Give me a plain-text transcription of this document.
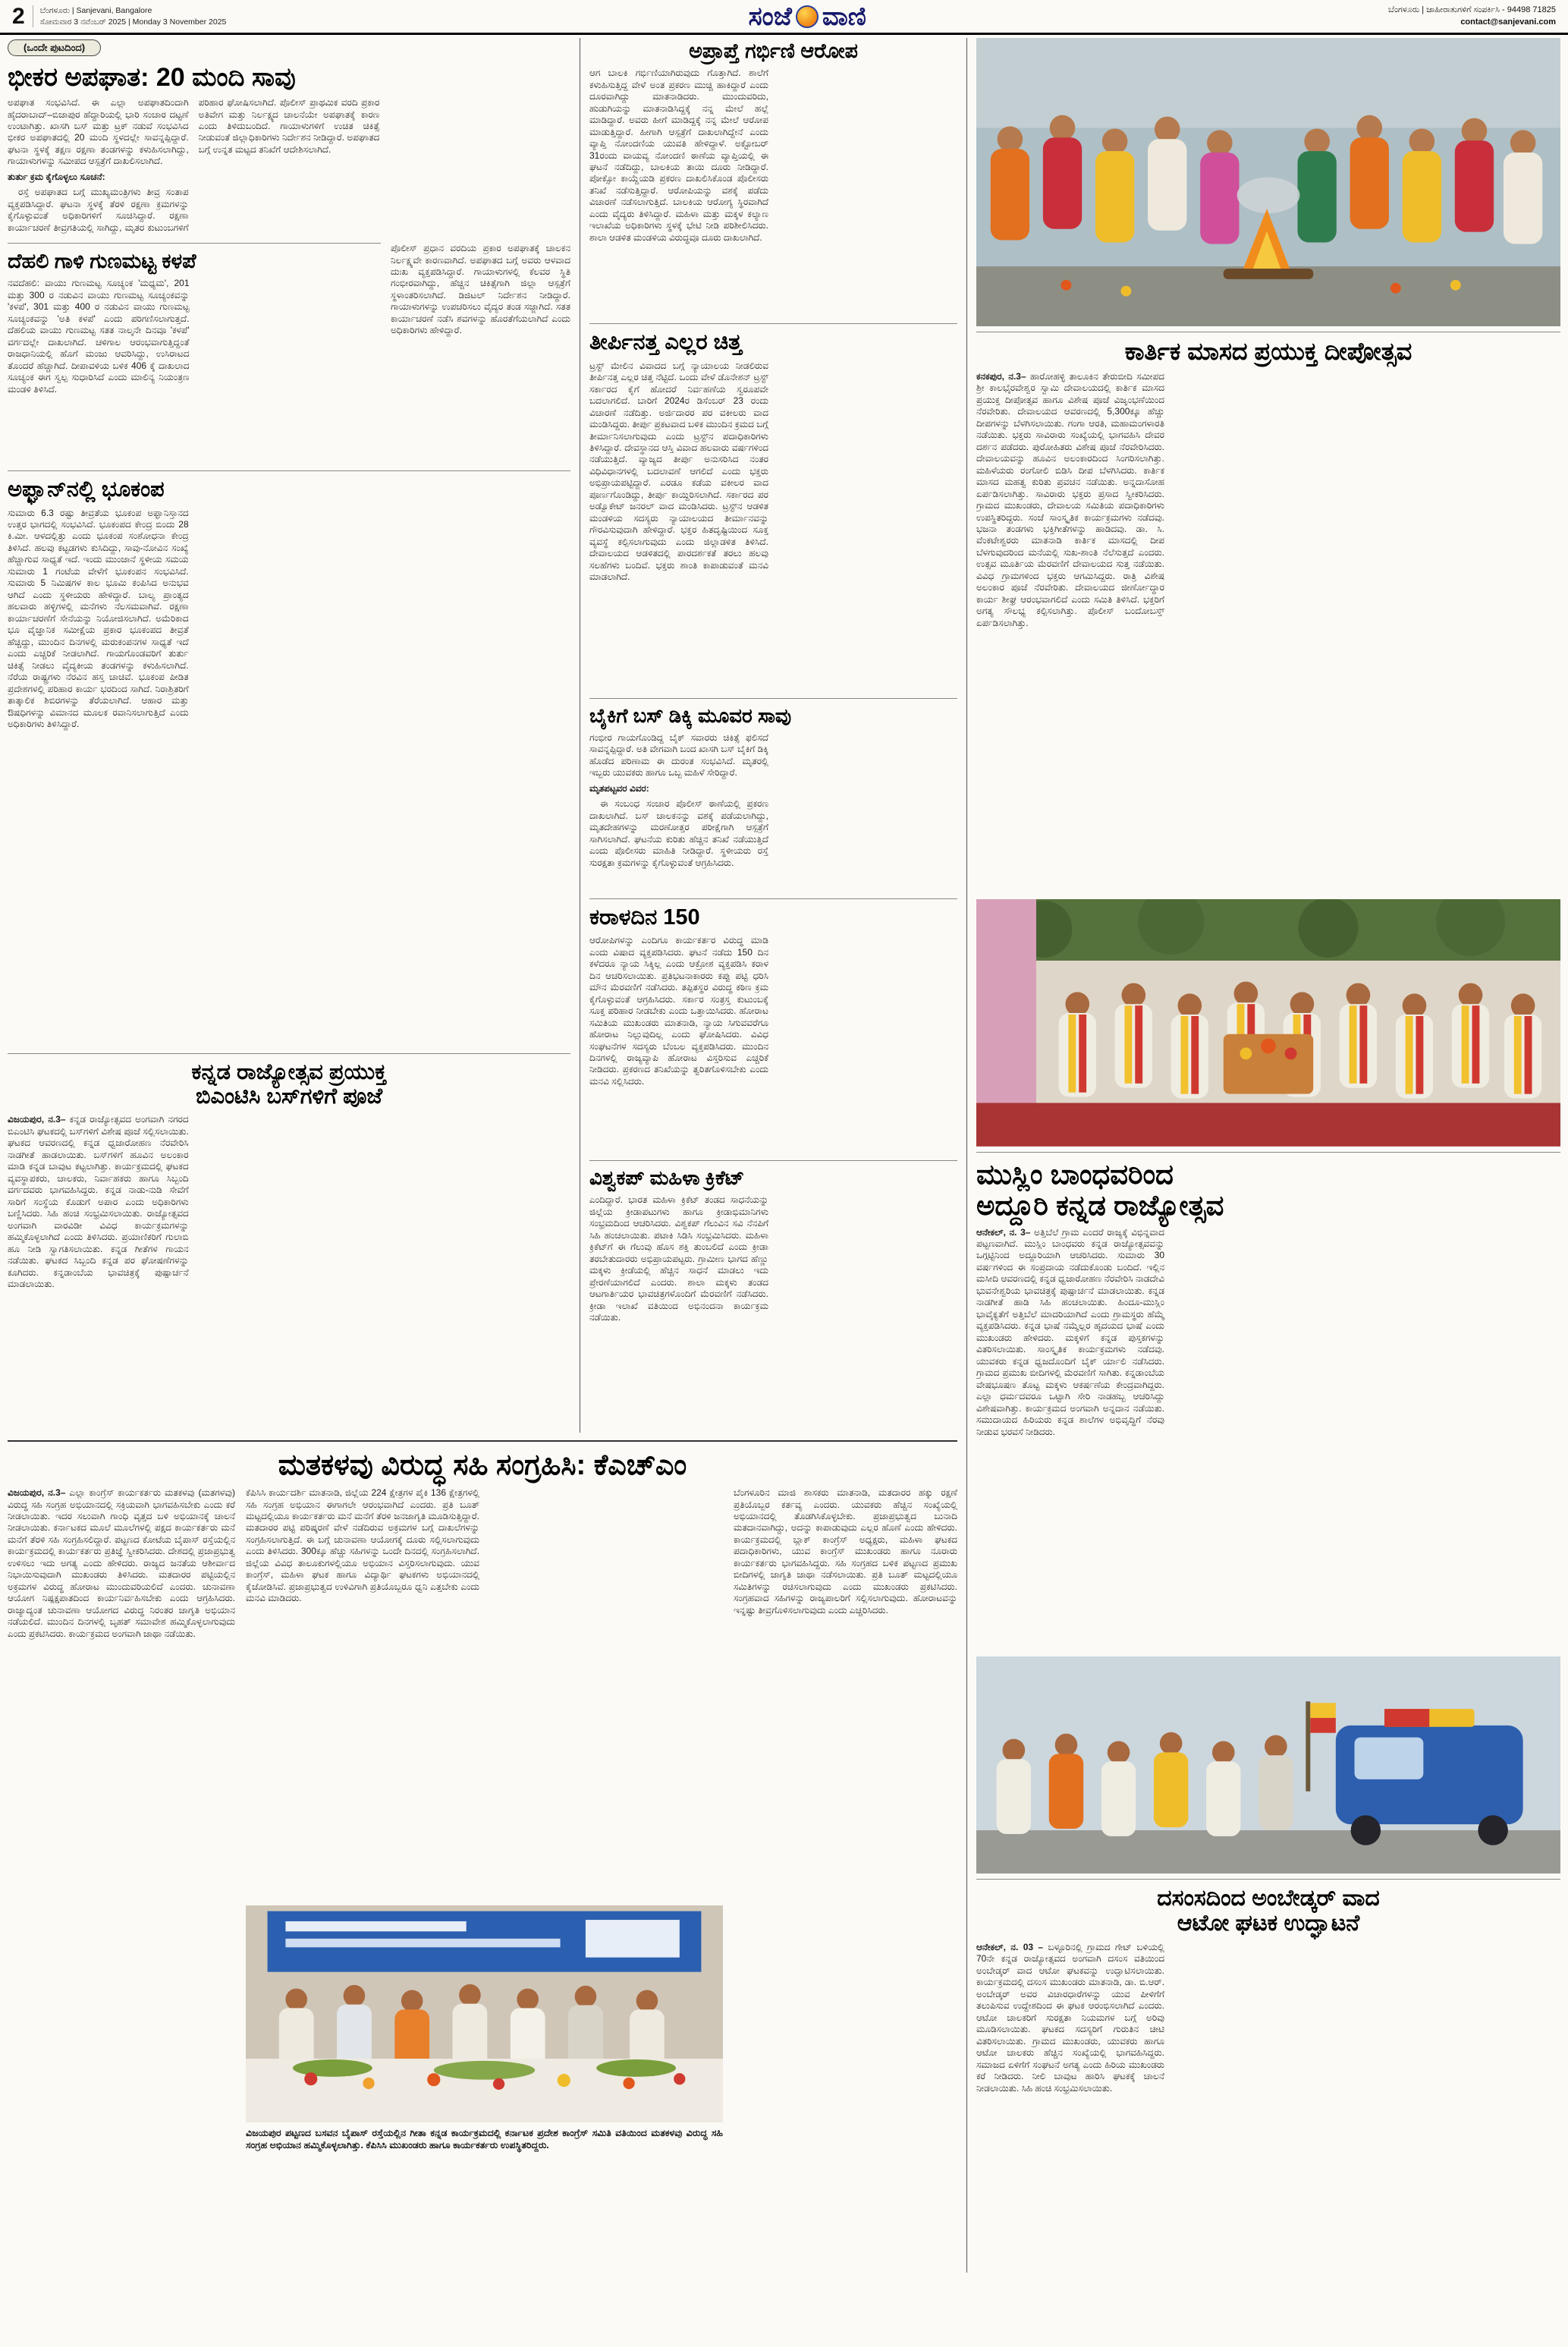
2 ಬೆಂಗಳೂರು | Sanjevani, Bangalore
ಸೋಮವಾರ 3 ನವೆಂಬರ್ 2025 | Monday 3 November 2025	ಸಂಜೆ ವಾಣಿ	ಬೆಂಗಳೂರು | ಜಾಹೀರಾತುಗಳಿಗೆ ಸಂಪರ್ಕಿಸಿ - 94498 71825
contact@sanjevani.com
(ಒಂದೇ ಪುಟದಿಂದ)
ಭೀಕರ ಅಪಘಾತ: 20 ಮಂದಿ ಸಾವು

ಅಪಘಾತ ಸಂಭವಿಸಿದೆ. ಈ ಎಲ್ಲಾ ಅಪಘಾತದಿಂದಾಗಿ ಹೈದರಾಬಾದ್–ಬಿಜಾಪುರ ಹೆದ್ದಾರಿಯಲ್ಲಿ ಭಾರಿ ಸಂಚಾರ ದಟ್ಟಣೆ ಉಂಟಾಗಿತ್ತು. ಖಾಸಗಿ ಬಸ್ ಮತ್ತು ಟ್ರಕ್ ನಡುವೆ ಸಂಭವಿಸಿದ ಭೀಕರ ಅಪಘಾತದಲ್ಲಿ 20 ಮಂದಿ ಸ್ಥಳದಲ್ಲೇ ಸಾವನ್ನಪ್ಪಿದ್ದಾರೆ. ಘಟನಾ ಸ್ಥಳಕ್ಕೆ ತಕ್ಷಣ ರಕ್ಷಣಾ ತಂಡಗಳನ್ನು ಕಳುಹಿಸಲಾಗಿದ್ದು, ಗಾಯಾಳುಗಳನ್ನು ಸಮೀಪದ ಆಸ್ಪತ್ರೆಗೆ ದಾಖಲಿಸಲಾಗಿದೆ.

ತುರ್ತು ಕ್ರಮ ಕೈಗೊಳ್ಳಲು ಸೂಚನೆ:

ರಸ್ತೆ ಅಪಘಾತದ ಬಗ್ಗೆ ಮುಖ್ಯಮಂತ್ರಿಗಳು ತೀವ್ರ ಸಂತಾಪ ವ್ಯಕ್ತಪಡಿಸಿದ್ದಾರೆ. ಘಟನಾ ಸ್ಥಳಕ್ಕೆ ತೆರಳಿ ರಕ್ಷಣಾ ಕ್ರಮಗಳನ್ನು ಕೈಗೊಳ್ಳುವಂತೆ ಅಧಿಕಾರಿಗಳಿಗೆ ಸೂಚಿಸಿದ್ದಾರೆ. ರಕ್ಷಣಾ ಕಾರ್ಯಾಚರಣೆ ತೀವ್ರಗತಿಯಲ್ಲಿ ಸಾಗಿದ್ದು, ಮೃತರ ಕುಟುಂಬಗಳಿಗೆ ಪರಿಹಾರ ಘೋಷಿಸಲಾಗಿದೆ. ಪೊಲೀಸ್ ಪ್ರಾಥಮಿಕ ವರದಿ ಪ್ರಕಾರ ಅತಿವೇಗ ಮತ್ತು ನಿರ್ಲಕ್ಷ್ಯದ ಚಾಲನೆಯೇ ಅಪಘಾತಕ್ಕೆ ಕಾರಣ ಎಂದು ತಿಳಿದುಬಂದಿದೆ. ಗಾಯಾಳುಗಳಿಗೆ ಉಚಿತ ಚಿಕಿತ್ಸೆ ನೀಡುವಂತೆ ಜಿಲ್ಲಾಧಿಕಾರಿಗಳು ನಿರ್ದೇಶನ ನೀಡಿದ್ದಾರೆ. ಅಪಘಾತದ ಬಗ್ಗೆ ಉನ್ನತ ಮಟ್ಟದ ತನಿಖೆಗೆ ಆದೇಶಿಸಲಾಗಿದೆ.

ದೆಹಲಿ ಗಾಳಿ ಗುಣಮಟ್ಟ ಕಳಪೆ

ನವದೆಹಲಿ: ವಾಯು ಗುಣಮಟ್ಟ ಸೂಚ್ಯಂಕ 'ಮಧ್ಯಮ', 201 ಮತ್ತು 300 ರ ನಡುವಿನ ವಾಯು ಗುಣಮಟ್ಟ ಸೂಚ್ಯಂಕವನ್ನು 'ಕಳಪೆ', 301 ಮತ್ತು 400 ರ ನಡುವಿನ ವಾಯು ಗುಣಮಟ್ಟ ಸೂಚ್ಯಂಕವನ್ನು 'ಅತಿ ಕಳಪೆ' ಎಂದು ಪರಿಗಣಿಸಲಾಗುತ್ತದೆ. ದೆಹಲಿಯ ವಾಯು ಗುಣಮಟ್ಟ ಸತತ ನಾಲ್ಕನೇ ದಿನವೂ 'ಕಳಪೆ' ವರ್ಗದಲ್ಲೇ ದಾಖಲಾಗಿದೆ. ಚಳಿಗಾಲ ಆರಂಭವಾಗುತ್ತಿದ್ದಂತೆ ರಾಜಧಾನಿಯಲ್ಲಿ ಹೊಗೆ ಮಂಜು ಆವರಿಸಿದ್ದು, ಉಸಿರಾಟದ ತೊಂದರೆ ಹೆಚ್ಚಾಗಿದೆ. ದೀಪಾವಳಿಯ ಬಳಿಕ 406 ಕ್ಕೆ ದಾಖಲಾದ ಸೂಚ್ಯಂಕ ಈಗ ಸ್ವಲ್ಪ ಸುಧಾರಿಸಿದೆ ಎಂದು ಮಾಲಿನ್ಯ ನಿಯಂತ್ರಣ ಮಂಡಳಿ ತಿಳಿಸಿದೆ.

ಪೊಲೀಸ್ ಪ್ರಧಾನ ವರದಿಯ ಪ್ರಕಾರ ಅಪಘಾತಕ್ಕೆ ಚಾಲಕನ ನಿರ್ಲಕ್ಷ್ಯವೇ ಕಾರಣವಾಗಿದೆ. ಅಪಘಾತದ ಬಗ್ಗೆ ಅವರು ಆಳವಾದ ದುಃಖ ವ್ಯಕ್ತಪಡಿಸಿದ್ದಾರೆ. ಗಾಯಾಳುಗಳಲ್ಲಿ ಕೆಲವರ ಸ್ಥಿತಿ ಗಂಭೀರವಾಗಿದ್ದು, ಹೆಚ್ಚಿನ ಚಿಕಿತ್ಸೆಗಾಗಿ ಜಿಲ್ಲಾ ಆಸ್ಪತ್ರೆಗೆ ಸ್ಥಳಾಂತರಿಸಲಾಗಿದೆ. ಡಿಜಿಟಲ್ ನಿರ್ದೇಶನ ನೀಡಿದ್ದಾರೆ. ಗಾಯಾಳುಗಳನ್ನು ಉಪಚರಿಸಲು ವೈದ್ಯರ ತಂಡ ಸಜ್ಜಾಗಿದೆ. ಸತತ ಕಾರ್ಯಾಚರಣೆ ನಡೆಸಿ ಶವಗಳನ್ನು ಹೊರತೆಗೆಯಲಾಗಿದೆ ಎಂದು ಅಧಿಕಾರಿಗಳು ಹೇಳಿದ್ದಾರೆ.

ಅಫ್ಘಾನ್‌ನಲ್ಲಿ ಭೂಕಂಪ

ಸುಮಾರು 6.3 ರಷ್ಟು ತೀವ್ರತೆಯ ಭೂಕಂಪ ಅಫ್ಘಾನಿಸ್ತಾನದ ಉತ್ತರ ಭಾಗದಲ್ಲಿ ಸಂಭವಿಸಿದೆ. ಭೂಕಂಪದ ಕೇಂದ್ರ ಬಿಂದು 28 ಕಿ.ಮೀ. ಆಳದಲ್ಲಿತ್ತು ಎಂದು ಭೂಕಂಪ ಸಂಶೋಧನಾ ಕೇಂದ್ರ ತಿಳಿಸಿದೆ. ಹಲವು ಕಟ್ಟಡಗಳು ಕುಸಿದಿದ್ದು, ಸಾವು-ನೋವಿನ ಸಂಖ್ಯೆ ಹೆಚ್ಚಾಗುವ ಸಾಧ್ಯತೆ ಇದೆ. ಇಂದು ಮುಂಜಾನೆ ಸ್ಥಳೀಯ ಸಮಯ ಸುಮಾರು 1 ಗಂಟೆಯ ವೇಳೆಗೆ ಭೂಕಂಪನ ಸಂಭವಿಸಿದೆ. ಸುಮಾರು 5 ನಿಮಿಷಗಳ ಕಾಲ ಭೂಮಿ ಕಂಪಿಸಿದ ಅನುಭವ ಆಗಿದೆ ಎಂದು ಸ್ಥಳೀಯರು ಹೇಳಿದ್ದಾರೆ. ಬಾಲ್ಯ ಪ್ರಾಂತ್ಯದ ಹಲವಾರು ಹಳ್ಳಿಗಳಲ್ಲಿ ಮನೆಗಳು ನೆಲಸಮವಾಗಿವೆ. ರಕ್ಷಣಾ ಕಾರ್ಯಾಚರಣೆಗೆ ಸೇನೆಯನ್ನು ನಿಯೋಜಿಸಲಾಗಿದೆ. ಅಮೆರಿಕಾದ ಭೂ ವೈಜ್ಞಾನಿಕ ಸಮೀಕ್ಷೆಯ ಪ್ರಕಾರ ಭೂಕಂಪದ ತೀವ್ರತೆ ಹೆಚ್ಚಿದ್ದು, ಮುಂದಿನ ದಿನಗಳಲ್ಲಿ ಮರುಕಂಪನಗಳ ಸಾಧ್ಯತೆ ಇದೆ ಎಂದು ಎಚ್ಚರಿಕೆ ನೀಡಲಾಗಿದೆ. ಗಾಯಗೊಂಡವರಿಗೆ ತುರ್ತು ಚಿಕಿತ್ಸೆ ನೀಡಲು ವೈದ್ಯಕೀಯ ತಂಡಗಳನ್ನು ಕಳುಹಿಸಲಾಗಿದೆ. ನೆರೆಯ ರಾಷ್ಟ್ರಗಳು ನೆರವಿನ ಹಸ್ತ ಚಾಚಿವೆ. ಭೂಕಂಪ ಪೀಡಿತ ಪ್ರದೇಶಗಳಲ್ಲಿ ಪರಿಹಾರ ಕಾರ್ಯ ಭರದಿಂದ ಸಾಗಿದೆ. ನಿರಾಶ್ರಿತರಿಗೆ ತಾತ್ಕಾಲಿಕ ಶಿಬಿರಗಳನ್ನು ತೆರೆಯಲಾಗಿದೆ. ಆಹಾರ ಮತ್ತು ಔಷಧಿಗಳನ್ನು ವಿಮಾನದ ಮೂಲಕ ರವಾನಿಸಲಾಗುತ್ತಿದೆ ಎಂದು ಅಧಿಕಾರಿಗಳು ತಿಳಿಸಿದ್ದಾರೆ.

ಕನ್ನಡ ರಾಜ್ಯೋತ್ಸವ ಪ್ರಯುಕ್ತ
ಬಿಎಂಟಿಸಿ ಬಸ್‌ಗಳಿಗೆ ಪೂಜೆ

ವಿಜಯಪುರ, ನ.3– ಕನ್ನಡ ರಾಜ್ಯೋತ್ಸವದ ಅಂಗವಾಗಿ ನಗರದ ಬಿಎಂಟಿಸಿ ಘಟಕದಲ್ಲಿ ಬಸ್‌ಗಳಿಗೆ ವಿಶೇಷ ಪೂಜೆ ಸಲ್ಲಿಸಲಾಯಿತು. ಘಟಕದ ಆವರಣದಲ್ಲಿ ಕನ್ನಡ ಧ್ವಜಾರೋಹಣ ನೆರವೇರಿಸಿ ನಾಡಗೀತೆ ಹಾಡಲಾಯಿತು. ಬಸ್‌ಗಳಿಗೆ ಹೂವಿನ ಅಲಂಕಾರ ಮಾಡಿ ಕನ್ನಡ ಬಾವುಟ ಕಟ್ಟಲಾಗಿತ್ತು. ಕಾರ್ಯಕ್ರಮದಲ್ಲಿ ಘಟಕದ ವ್ಯವಸ್ಥಾಪಕರು, ಚಾಲಕರು, ನಿರ್ವಾಹಕರು ಹಾಗೂ ಸಿಬ್ಬಂದಿ ವರ್ಗದವರು ಭಾಗವಹಿಸಿದ್ದರು. ಕನ್ನಡ ನಾಡು-ನುಡಿ ಸೇವೆಗೆ ಸಾರಿಗೆ ಸಂಸ್ಥೆಯ ಕೊಡುಗೆ ಅಪಾರ ಎಂದು ಅಧಿಕಾರಿಗಳು ಬಣ್ಣಿಸಿದರು. ಸಿಹಿ ಹಂಚಿ ಸಂಭ್ರಮಿಸಲಾಯಿತು. ರಾಜ್ಯೋತ್ಸವದ ಅಂಗವಾಗಿ ವಾರವಿಡೀ ವಿವಿಧ ಕಾರ್ಯಕ್ರಮಗಳನ್ನು ಹಮ್ಮಿಕೊಳ್ಳಲಾಗಿದೆ ಎಂದು ತಿಳಿಸಿದರು. ಪ್ರಯಾಣಿಕರಿಗೆ ಗುಲಾಬಿ ಹೂ ನೀಡಿ ಸ್ವಾಗತಿಸಲಾಯಿತು. ಕನ್ನಡ ಗೀತೆಗಳ ಗಾಯನ ನಡೆಯಿತು. ಘಟಕದ ಸಿಬ್ಬಂದಿ ಕನ್ನಡ ಪರ ಘೋಷಣೆಗಳನ್ನು ಕೂಗಿದರು. ಕನ್ನಡಾಂಬೆಯ ಭಾವಚಿತ್ರಕ್ಕೆ ಪುಷ್ಪಾರ್ಚನೆ ಮಾಡಲಾಯಿತು.

ಅಪ್ರಾಪ್ತೆ ಗರ್ಭಿಣಿ ಆರೋಪ

ಆಗ ಬಾಲಕಿ ಗರ್ಭಿಣಿಯಾಗಿರುವುದು ಗೊತ್ತಾಗಿದೆ. ಶಾಲೆಗೆ ಕಳುಹಿಸುತ್ತಿದ್ದ ವೇಳೆ ಅಂತ ಪ್ರಕರಣ ಮುಚ್ಚಿ ಹಾಕಿದ್ದಾರೆ ಎಂದು ದೂರವಾಗಿದ್ದು ಮಾತನಾಡಿದರು. ಮುಂದುವರಿದು, ಹುಡುಗಿಯನ್ನು ಮಾತನಾಡಿಸಿದ್ದಕ್ಕೆ ನನ್ನ ಮೇಲೆ ಹಲ್ಲೆ ಮಾಡಿದ್ದಾರೆ. ಅವರು ಹೀಗೆ ಮಾಡಿದ್ದಕ್ಕೆ ನನ್ನ ಮೇಲೆ ಆರೋಪ ಮಾಡುತ್ತಿದ್ದಾರೆ. ಹೀಗಾಗಿ ಆಸ್ಪತ್ರೆಗೆ ದಾಖಲಾಗಿದ್ದೇನೆ ಎಂದು ವ್ಯಾಪ್ತಿ ನೋಂದಣಿಯ ಯುವತಿ ಹೇಳಿದ್ದಾಳೆ. ಅಕ್ಟೋಬರ್ 31ರಂದು ವಾಯವ್ಯ ನೋಂದಣಿ ಠಾಣೆಯ ವ್ಯಾಪ್ತಿಯಲ್ಲಿ ಈ ಘಟನೆ ನಡೆದಿದ್ದು, ಬಾಲಕಿಯ ತಾಯಿ ದೂರು ನೀಡಿದ್ದಾರೆ. ಪೋಕ್ಸೋ ಕಾಯ್ದೆಯಡಿ ಪ್ರಕರಣ ದಾಖಲಿಸಿಕೊಂಡ ಪೊಲೀಸರು ತನಿಖೆ ನಡೆಸುತ್ತಿದ್ದಾರೆ. ಆರೋಪಿಯನ್ನು ವಶಕ್ಕೆ ಪಡೆದು ವಿಚಾರಣೆ ನಡೆಸಲಾಗುತ್ತಿದೆ. ಬಾಲಕಿಯ ಆರೋಗ್ಯ ಸ್ಥಿರವಾಗಿದೆ ಎಂದು ವೈದ್ಯರು ತಿಳಿಸಿದ್ದಾರೆ. ಮಹಿಳಾ ಮತ್ತು ಮಕ್ಕಳ ಕಲ್ಯಾಣ ಇಲಾಖೆಯ ಅಧಿಕಾರಿಗಳು ಸ್ಥಳಕ್ಕೆ ಭೇಟಿ ನೀಡಿ ಪರಿಶೀಲಿಸಿದರು. ಶಾಲಾ ಆಡಳಿತ ಮಂಡಳಿಯ ವಿರುದ್ಧವೂ ದೂರು ದಾಖಲಾಗಿದೆ.

ತೀರ್ಪಿನತ್ತ ಎಲ್ಲರ ಚಿತ್ತ

ಟ್ರಸ್ಟ್ ಮೇಲಿನ ವಿವಾದದ ಬಗ್ಗೆ ನ್ಯಾಯಾಲಯ ನೀಡಲಿರುವ ತೀರ್ಪಿನತ್ತ ಎಲ್ಲರ ಚಿತ್ತ ನೆಟ್ಟಿದೆ. ಒಂದು ವೇಳೆ ಡೊನೇಶನ್ ಟ್ರಸ್ಟ್ ಸರ್ಕಾರದ ಕೈಗೆ ಹೋದರೆ ನಿರ್ವಹಣೆಯ ಸ್ವರೂಪವೇ ಬದಲಾಗಲಿದೆ. ಬಾರಿಗೆ 2024ರ ಡಿಸೆಂಬರ್ 23 ರಂದು ವಿಚಾರಣೆ ನಡೆದಿತ್ತು. ಅರ್ಜಿದಾರರ ಪರ ವಕೀಲರು ವಾದ ಮಂಡಿಸಿದ್ದರು. ತೀರ್ಪು ಪ್ರಕಟವಾದ ಬಳಿಕ ಮುಂದಿನ ಕ್ರಮದ ಬಗ್ಗೆ ತೀರ್ಮಾನಿಸಲಾಗುವುದು ಎಂದು ಟ್ರಸ್ಟ್‌ನ ಪದಾಧಿಕಾರಿಗಳು ತಿಳಿಸಿದ್ದಾರೆ. ದೇವಸ್ಥಾನದ ಆಸ್ತಿ ವಿವಾದ ಹಲವಾರು ವರ್ಷಗಳಿಂದ ನಡೆಯುತ್ತಿದೆ. ವ್ಯಾಜ್ಯದ ತೀರ್ಪು ಅನುಸರಿಸಿದ ನಂತರ ವಿಧಿವಿಧಾನಗಳಲ್ಲಿ ಬದಲಾವಣೆ ಆಗಲಿದೆ ಎಂದು ಭಕ್ತರು ಅಭಿಪ್ರಾಯಪಟ್ಟಿದ್ದಾರೆ. ಎರಡೂ ಕಡೆಯ ವಕೀಲರ ವಾದ ಪೂರ್ಣಗೊಂಡಿದ್ದು, ತೀರ್ಪು ಕಾಯ್ದಿರಿಸಲಾಗಿದೆ. ಸರ್ಕಾರದ ಪರ ಅಡ್ವೊಕೇಟ್ ಜನರಲ್ ವಾದ ಮಂಡಿಸಿದರು. ಟ್ರಸ್ಟ್‌ನ ಆಡಳಿತ ಮಂಡಳಿಯ ಸದಸ್ಯರು ನ್ಯಾಯಾಲಯದ ತೀರ್ಮಾನವನ್ನು ಗೌರವಿಸುವುದಾಗಿ ಹೇಳಿದ್ದಾರೆ. ಭಕ್ತರ ಹಿತದೃಷ್ಟಿಯಿಂದ ಸೂಕ್ತ ವ್ಯವಸ್ಥೆ ಕಲ್ಪಿಸಲಾಗುವುದು ಎಂದು ಜಿಲ್ಲಾಡಳಿತ ತಿಳಿಸಿದೆ. ದೇವಾಲಯದ ಆಡಳಿತದಲ್ಲಿ ಪಾರದರ್ಶಕತೆ ತರಲು ಹಲವು ಸಲಹೆಗಳು ಬಂದಿವೆ. ಭಕ್ತರು ಶಾಂತಿ ಕಾಪಾಡುವಂತೆ ಮನವಿ ಮಾಡಲಾಗಿದೆ.

ಬೈಕಿಗೆ ಬಸ್ ಡಿಕ್ಕಿ ಮೂವರ ಸಾವು

ಗಂಭೀರ ಗಾಯಗೊಂಡಿದ್ದ ಬೈಕ್ ಸವಾರರು ಚಿಕಿತ್ಸೆ ಫಲಿಸದೆ ಸಾವನ್ನಪ್ಪಿದ್ದಾರೆ. ಅತಿ ವೇಗವಾಗಿ ಬಂದ ಖಾಸಗಿ ಬಸ್ ಬೈಕಿಗೆ ಡಿಕ್ಕಿ ಹೊಡೆದ ಪರಿಣಾಮ ಈ ದುರಂತ ಸಂಭವಿಸಿದೆ. ಮೃತರಲ್ಲಿ ಇಬ್ಬರು ಯುವಕರು ಹಾಗೂ ಒಬ್ಬ ಮಹಿಳೆ ಸೇರಿದ್ದಾರೆ.

ಮೃತಪಟ್ಟವರ ವಿವರ:

ಈ ಸಂಬಂಧ ಸಂಚಾರ ಪೊಲೀಸ್ ಠಾಣೆಯಲ್ಲಿ ಪ್ರಕರಣ ದಾಖಲಾಗಿದೆ. ಬಸ್ ಚಾಲಕನನ್ನು ವಶಕ್ಕೆ ಪಡೆಯಲಾಗಿದ್ದು, ಮೃತದೇಹಗಳನ್ನು ಮರಣೋತ್ತರ ಪರೀಕ್ಷೆಗಾಗಿ ಆಸ್ಪತ್ರೆಗೆ ಸಾಗಿಸಲಾಗಿದೆ. ಘಟನೆಯ ಕುರಿತು ಹೆಚ್ಚಿನ ತನಿಖೆ ನಡೆಯುತ್ತಿದೆ ಎಂದು ಪೊಲೀಸರು ಮಾಹಿತಿ ನೀಡಿದ್ದಾರೆ. ಸ್ಥಳೀಯರು ರಸ್ತೆ ಸುರಕ್ಷತಾ ಕ್ರಮಗಳನ್ನು ಕೈಗೊಳ್ಳುವಂತೆ ಆಗ್ರಹಿಸಿದರು.

ಕರಾಳದಿನ 150

ಆರೋಪಿಗಳನ್ನು ಎಂದಿಗೂ ಕಾರ್ಯಕರ್ತರ ವಿರುದ್ಧ ಮಾಡಿ ಎಂದು ವಿಷಾದ ವ್ಯಕ್ತಪಡಿಸಿದರು. ಘಟನೆ ನಡೆದು 150 ದಿನ ಕಳೆದರೂ ನ್ಯಾಯ ಸಿಕ್ಕಿಲ್ಲ ಎಂದು ಆಕ್ರೋಶ ವ್ಯಕ್ತಪಡಿಸಿ ಕರಾಳ ದಿನ ಆಚರಿಸಲಾಯಿತು. ಪ್ರತಿಭಟನಾಕಾರರು ಕಪ್ಪು ಪಟ್ಟಿ ಧರಿಸಿ ಮೌನ ಮೆರವಣಿಗೆ ನಡೆಸಿದರು. ತಪ್ಪಿತಸ್ಥರ ವಿರುದ್ಧ ಕಠಿಣ ಕ್ರಮ ಕೈಗೊಳ್ಳುವಂತೆ ಆಗ್ರಹಿಸಿದರು. ಸರ್ಕಾರ ಸಂತ್ರಸ್ತ ಕುಟುಂಬಕ್ಕೆ ಸೂಕ್ತ ಪರಿಹಾರ ನೀಡಬೇಕು ಎಂದು ಒತ್ತಾಯಿಸಿದರು. ಹೋರಾಟ ಸಮಿತಿಯ ಮುಖಂಡರು ಮಾತನಾಡಿ, ನ್ಯಾಯ ಸಿಗುವವರೆಗೂ ಹೋರಾಟ ನಿಲ್ಲುವುದಿಲ್ಲ ಎಂದು ಘೋಷಿಸಿದರು. ವಿವಿಧ ಸಂಘಟನೆಗಳ ಸದಸ್ಯರು ಬೆಂಬಲ ವ್ಯಕ್ತಪಡಿಸಿದರು. ಮುಂದಿನ ದಿನಗಳಲ್ಲಿ ರಾಜ್ಯವ್ಯಾಪಿ ಹೋರಾಟ ವಿಸ್ತರಿಸುವ ಎಚ್ಚರಿಕೆ ನೀಡಿದರು. ಪ್ರಕರಣದ ತನಿಖೆಯನ್ನು ತ್ವರಿತಗೊಳಿಸಬೇಕು ಎಂದು ಮನವಿ ಸಲ್ಲಿಸಿದರು.

ವಿಶ್ವಕಪ್ ಮಹಿಳಾ ಕ್ರಿಕೆಟ್

ಎಂದಿದ್ದಾರೆ. ಭಾರತ ಮಹಿಳಾ ಕ್ರಿಕೆಟ್ ತಂಡದ ಸಾಧನೆಯನ್ನು ಜಿಲ್ಲೆಯ ಕ್ರೀಡಾಪಟುಗಳು ಹಾಗೂ ಕ್ರೀಡಾಭಿಮಾನಿಗಳು ಸಂಭ್ರಮದಿಂದ ಆಚರಿಸಿದರು. ವಿಶ್ವಕಪ್ ಗೆಲುವಿನ ಸವಿ ನೆನಪಿಗೆ ಸಿಹಿ ಹಂಚಲಾಯಿತು. ಪಟಾಕಿ ಸಿಡಿಸಿ ಸಂಭ್ರಮಿಸಿದರು. ಮಹಿಳಾ ಕ್ರಿಕೆಟ್‌ಗೆ ಈ ಗೆಲುವು ಹೊಸ ಶಕ್ತಿ ತುಂಬಲಿದೆ ಎಂದು ಕ್ರೀಡಾ ತರಬೇತುದಾರರು ಅಭಿಪ್ರಾಯಪಟ್ಟರು. ಗ್ರಾಮೀಣ ಭಾಗದ ಹೆಣ್ಣು ಮಕ್ಕಳು ಕ್ರೀಡೆಯಲ್ಲಿ ಹೆಚ್ಚಿನ ಸಾಧನೆ ಮಾಡಲು ಇದು ಪ್ರೇರಣೆಯಾಗಲಿದೆ ಎಂದರು. ಶಾಲಾ ಮಕ್ಕಳು ತಂಡದ ಆಟಗಾರ್ತಿಯರ ಭಾವಚಿತ್ರಗಳೊಂದಿಗೆ ಮೆರವಣಿಗೆ ನಡೆಸಿದರು. ಕ್ರೀಡಾ ಇಲಾಖೆ ವತಿಯಿಂದ ಅಭಿನಂದನಾ ಕಾರ್ಯಕ್ರಮ ನಡೆಯಿತು.

ಮತಕಳವು ವಿರುದ್ಧ ಸಹಿ ಸಂಗ್ರಹಿಸಿ: ಕೆಎಚ್‌ಎಂ

ವಿಜಯಪುರ, ನ.3– ಎಲ್ಲಾ ಕಾಂಗ್ರೆಸ್ ಕಾರ್ಯಕರ್ತರು ಮತಕಳವು (ಮತಗಳವು) ವಿರುದ್ಧ ಸಹಿ ಸಂಗ್ರಹ ಅಭಿಯಾನದಲ್ಲಿ ಸಕ್ರಿಯವಾಗಿ ಭಾಗವಹಿಸಬೇಕು ಎಂದು ಕರೆ ನೀಡಲಾಯಿತು. ಇದರ ಸಲುವಾಗಿ ಗಾಂಧಿ ವೃತ್ತದ ಬಳಿ ಅಭಿಯಾನಕ್ಕೆ ಚಾಲನೆ ನೀಡಲಾಯಿತು. ಕರ್ನಾಟಕದ ಮೂಲೆ ಮೂಲೆಗಳಲ್ಲಿ ಪಕ್ಷದ ಕಾರ್ಯಕರ್ತರು ಮನೆ ಮನೆಗೆ ತೆರಳಿ ಸಹಿ ಸಂಗ್ರಹಿಸಲಿದ್ದಾರೆ. ಪಟ್ಟಣದ ಕೋಟೆಯ ಬೈಪಾಸ್ ರಸ್ತೆಯಲ್ಲಿನ ಕಾರ್ಯಕ್ರಮದಲ್ಲಿ ಕಾರ್ಯಕರ್ತರು ಪ್ರತಿಜ್ಞೆ ಸ್ವೀಕರಿಸಿದರು. ದೇಶದಲ್ಲಿ ಪ್ರಜಾಪ್ರಭುತ್ವ ಉಳಿಸಲು ಇದು ಅಗತ್ಯ ಎಂದು ಹೇಳಿದರು. ರಾಜ್ಯದ ಜನತೆಯ ಆಶೀರ್ವಾದ ನಿಭಾಯಿಸುವುದಾಗಿ ಮುಖಂಡರು ತಿಳಿಸಿದರು. ಮತದಾರರ ಪಟ್ಟಿಯಲ್ಲಿನ ಅಕ್ರಮಗಳ ವಿರುದ್ಧ ಹೋರಾಟ ಮುಂದುವರಿಯಲಿದೆ ಎಂದರು. ಚುನಾವಣಾ ಆಯೋಗ ನಿಷ್ಪಕ್ಷಪಾತದಿಂದ ಕಾರ್ಯನಿರ್ವಹಿಸಬೇಕು ಎಂದು ಆಗ್ರಹಿಸಿದರು. ರಾಜ್ಯಾದ್ಯಂತ ಚುನಾವಣಾ ಆಯೋಗದ ವಿರುದ್ಧ ನಿರಂತರ ಜಾಗೃತಿ ಅಭಿಯಾನ ನಡೆಯಲಿದೆ. ಮುಂದಿನ ದಿನಗಳಲ್ಲಿ ಬೃಹತ್ ಸಮಾವೇಶ ಹಮ್ಮಿಕೊಳ್ಳಲಾಗುವುದು ಎಂದು ಪ್ರಕಟಿಸಿದರು. ಕಾರ್ಯಕ್ರಮದ ಅಂಗವಾಗಿ ಜಾಥಾ ನಡೆಯಿತು.

ಕೆಪಿಸಿಸಿ ಕಾರ್ಯದರ್ಶಿ ಮಾತನಾಡಿ, ಜಿಲ್ಲೆಯ 224 ಕ್ಷೇತ್ರಗಳ ಪೈಕಿ 136 ಕ್ಷೇತ್ರಗಳಲ್ಲಿ ಸಹಿ ಸಂಗ್ರಹ ಅಭಿಯಾನ ಈಗಾಗಲೇ ಆರಂಭವಾಗಿದೆ ಎಂದರು. ಪ್ರತಿ ಬೂತ್ ಮಟ್ಟದಲ್ಲಿಯೂ ಕಾರ್ಯಕರ್ತರು ಮನೆ ಮನೆಗೆ ತೆರಳಿ ಜನಜಾಗೃತಿ ಮೂಡಿಸುತ್ತಿದ್ದಾರೆ. ಮತದಾರರ ಪಟ್ಟಿ ಪರಿಷ್ಕರಣೆ ವೇಳೆ ನಡೆದಿರುವ ಅಕ್ರಮಗಳ ಬಗ್ಗೆ ದಾಖಲೆಗಳನ್ನು ಸಂಗ್ರಹಿಸಲಾಗುತ್ತಿದೆ. ಈ ಬಗ್ಗೆ ಚುನಾವಣಾ ಆಯೋಗಕ್ಕೆ ದೂರು ಸಲ್ಲಿಸಲಾಗುವುದು ಎಂದು ತಿಳಿಸಿದರು. 300ಕ್ಕೂ ಹೆಚ್ಚು ಸಹಿಗಳನ್ನು ಒಂದೇ ದಿನದಲ್ಲಿ ಸಂಗ್ರಹಿಸಲಾಗಿದೆ. ಜಿಲ್ಲೆಯ ವಿವಿಧ ತಾಲೂಕುಗಳಲ್ಲಿಯೂ ಅಭಿಯಾನ ವಿಸ್ತರಿಸಲಾಗುವುದು. ಯುವ ಕಾಂಗ್ರೆಸ್, ಮಹಿಳಾ ಘಟಕ ಹಾಗೂ ವಿದ್ಯಾರ್ಥಿ ಘಟಕಗಳು ಅಭಿಯಾನದಲ್ಲಿ ಕೈಜೋಡಿಸಿವೆ. ಪ್ರಜಾಪ್ರಭುತ್ವದ ಉಳಿವಿಗಾಗಿ ಪ್ರತಿಯೊಬ್ಬರೂ ಧ್ವನಿ ಎತ್ತಬೇಕು ಎಂದು ಮನವಿ ಮಾಡಿದರು.

ವಿಜಯಪುರ ಪಟ್ಟಣದ ಬಸವನ ಬೈಪಾಸ್ ರಸ್ತೆಯಲ್ಲಿನ ಗೀತಾ ಕನ್ನಡ ಕಾರ್ಯಕ್ರಮದಲ್ಲಿ ಕರ್ನಾಟಕ ಪ್ರದೇಶ ಕಾಂಗ್ರೆಸ್ ಸಮಿತಿ ವತಿಯಿಂದ ಮತಕಳವು ವಿರುದ್ಧ ಸಹಿ ಸಂಗ್ರಹ ಅಭಿಯಾನ ಹಮ್ಮಿಕೊಳ್ಳಲಾಗಿತ್ತು. ಕೆಪಿಸಿಸಿ ಮುಖಂಡರು ಹಾಗೂ ಕಾರ್ಯಕರ್ತರು ಉಪಸ್ಥಿತರಿದ್ದರು.

ಬೆಂಗಳೂರಿನ ಮಾಜಿ ಶಾಸಕರು ಮಾತನಾಡಿ, ಮತದಾರರ ಹಕ್ಕು ರಕ್ಷಣೆ ಪ್ರತಿಯೊಬ್ಬರ ಕರ್ತವ್ಯ ಎಂದರು. ಯುವಕರು ಹೆಚ್ಚಿನ ಸಂಖ್ಯೆಯಲ್ಲಿ ಅಭಿಯಾನದಲ್ಲಿ ತೊಡಗಿಸಿಕೊಳ್ಳಬೇಕು. ಪ್ರಜಾಪ್ರಭುತ್ವದ ಬುನಾದಿ ಮತದಾನವಾಗಿದ್ದು, ಅದನ್ನು ಕಾಪಾಡುವುದು ಎಲ್ಲರ ಹೊಣೆ ಎಂದು ಹೇಳಿದರು. ಕಾರ್ಯಕ್ರಮದಲ್ಲಿ ಬ್ಲಾಕ್ ಕಾಂಗ್ರೆಸ್ ಅಧ್ಯಕ್ಷರು, ಮಹಿಳಾ ಘಟಕದ ಪದಾಧಿಕಾರಿಗಳು, ಯುವ ಕಾಂಗ್ರೆಸ್ ಮುಖಂಡರು ಹಾಗೂ ನೂರಾರು ಕಾರ್ಯಕರ್ತರು ಭಾಗವಹಿಸಿದ್ದರು. ಸಹಿ ಸಂಗ್ರಹದ ಬಳಿಕ ಪಟ್ಟಣದ ಪ್ರಮುಖ ಬೀದಿಗಳಲ್ಲಿ ಜಾಗೃತಿ ಜಾಥಾ ನಡೆಸಲಾಯಿತು. ಪ್ರತಿ ಬೂತ್ ಮಟ್ಟದಲ್ಲಿಯೂ ಸಮಿತಿಗಳನ್ನು ರಚಿಸಲಾಗುವುದು ಎಂದು ಮುಖಂಡರು ಪ್ರಕಟಿಸಿದರು. ಸಂಗ್ರಹವಾದ ಸಹಿಗಳನ್ನು ರಾಜ್ಯಪಾಲರಿಗೆ ಸಲ್ಲಿಸಲಾಗುವುದು. ಹೋರಾಟವನ್ನು ಇನ್ನಷ್ಟು ತೀವ್ರಗೊಳಿಸಲಾಗುವುದು ಎಂದು ಎಚ್ಚರಿಸಿದರು.

ಕಾರ್ತಿಕ ಮಾಸದ ಪ್ರಯುಕ್ತ ದೀಪೋತ್ಸವ

ಕನಕಪುರ, ನ.3– ಹಾರೋಹಳ್ಳಿ ತಾಲೂಕಿನ ತೇರುಬೀದಿ ಸಮೀಪದ ಶ್ರೀ ಕಾಲಭೈರವೇಶ್ವರ ಸ್ವಾಮಿ ದೇವಾಲಯದಲ್ಲಿ ಕಾರ್ತಿಕ ಮಾಸದ ಪ್ರಯುಕ್ತ ದೀಪೋತ್ಸವ ಹಾಗೂ ವಿಶೇಷ ಪೂಜೆ ವಿಜೃಂಭಣೆಯಿಂದ ನೆರವೇರಿತು. ದೇವಾಲಯದ ಆವರಣದಲ್ಲಿ 5,300ಕ್ಕೂ ಹೆಚ್ಚು ದೀಪಗಳನ್ನು ಬೆಳಗಿಸಲಾಯಿತು. ಗಂಗಾ ಆರತಿ, ಮಹಾಮಂಗಳಾರತಿ ನಡೆಯಿತು. ಭಕ್ತರು ಸಾವಿರಾರು ಸಂಖ್ಯೆಯಲ್ಲಿ ಭಾಗವಹಿಸಿ ದೇವರ ದರ್ಶನ ಪಡೆದರು. ಪುರೋಹಿತರು ವಿಶೇಷ ಪೂಜೆ ನೆರವೇರಿಸಿದರು. ದೇವಾಲಯವನ್ನು ಹೂವಿನ ಅಲಂಕಾರದಿಂದ ಸಿಂಗರಿಸಲಾಗಿತ್ತು. ಮಹಿಳೆಯರು ರಂಗೋಲಿ ಬಿಡಿಸಿ ದೀಪ ಬೆಳಗಿಸಿದರು. ಕಾರ್ತಿಕ ಮಾಸದ ಮಹತ್ವ ಕುರಿತು ಪ್ರವಚನ ನಡೆಯಿತು. ಅನ್ನದಾಸೋಹ ಏರ್ಪಡಿಸಲಾಗಿತ್ತು. ಸಾವಿರಾರು ಭಕ್ತರು ಪ್ರಸಾದ ಸ್ವೀಕರಿಸಿದರು. ಗ್ರಾಮದ ಮುಖಂಡರು, ದೇವಾಲಯ ಸಮಿತಿಯ ಪದಾಧಿಕಾರಿಗಳು ಉಪಸ್ಥಿತರಿದ್ದರು. ಸಂಜೆ ಸಾಂಸ್ಕೃತಿಕ ಕಾರ್ಯಕ್ರಮಗಳು ನಡೆದವು. ಭಜನಾ ತಂಡಗಳು ಭಕ್ತಿಗೀತೆಗಳನ್ನು ಹಾಡಿದವು. ಡಾ. ಸಿ. ವೆಂಕಟೇಶ್ವರರು ಮಾತನಾಡಿ ಕಾರ್ತಿಕ ಮಾಸದಲ್ಲಿ ದೀಪ ಬೆಳಗುವುದರಿಂದ ಮನೆಯಲ್ಲಿ ಸುಖ-ಶಾಂತಿ ನೆಲೆಸುತ್ತದೆ ಎಂದರು. ಉತ್ಸವ ಮೂರ್ತಿಯ ಮೆರವಣಿಗೆ ದೇವಾಲಯದ ಸುತ್ತ ನಡೆಯಿತು. ವಿವಿಧ ಗ್ರಾಮಗಳಿಂದ ಭಕ್ತರು ಆಗಮಿಸಿದ್ದರು. ರಾತ್ರಿ ವಿಶೇಷ ಅಲಂಕಾರ ಪೂಜೆ ನೆರವೇರಿತು. ದೇವಾಲಯದ ಜೀರ್ಣೋದ್ಧಾರ ಕಾರ್ಯ ಶೀಘ್ರ ಆರಂಭವಾಗಲಿದೆ ಎಂದು ಸಮಿತಿ ತಿಳಿಸಿದೆ. ಭಕ್ತರಿಗೆ ಅಗತ್ಯ ಸೌಲಭ್ಯ ಕಲ್ಪಿಸಲಾಗಿತ್ತು. ಪೊಲೀಸ್ ಬಂದೋಬಸ್ತ್ ಏರ್ಪಡಿಸಲಾಗಿತ್ತು.

ಮುಸ್ಲಿಂ ಬಾಂಧವರಿಂದ
ಅದ್ದೂರಿ ಕನ್ನಡ ರಾಜ್ಯೋತ್ಸವ

ಆನೇಕಲ್, ನ. 3– ಅತ್ತಿಬೆಲೆ ಗ್ರಾಮ ಎಂದರೆ ರಾಜ್ಯಕ್ಕೆ ವಿಭಿನ್ನವಾದ ಪಟ್ಟಣವಾಗಿದೆ. ಮುಸ್ಲಿಂ ಬಾಂಧವರು ಕನ್ನಡ ರಾಜ್ಯೋತ್ಸವವನ್ನು ಒಗ್ಗಟ್ಟಿನಿಂದ ಅದ್ದೂರಿಯಾಗಿ ಆಚರಿಸಿದರು. ಸುಮಾರು 30 ವರ್ಷಗಳಿಂದ ಈ ಸಂಪ್ರದಾಯ ನಡೆದುಕೊಂಡು ಬಂದಿದೆ. ಇಲ್ಲಿನ ಮಸೀದಿ ಆವರಣದಲ್ಲಿ ಕನ್ನಡ ಧ್ವಜಾರೋಹಣ ನೆರವೇರಿಸಿ ನಾಡದೇವಿ ಭುವನೇಶ್ವರಿಯ ಭಾವಚಿತ್ರಕ್ಕೆ ಪುಷ್ಪಾರ್ಚನೆ ಮಾಡಲಾಯಿತು. ಕನ್ನಡ ನಾಡಗೀತೆ ಹಾಡಿ ಸಿಹಿ ಹಂಚಲಾಯಿತು. ಹಿಂದೂ-ಮುಸ್ಲಿಂ ಭಾವೈಕ್ಯತೆಗೆ ಅತ್ತಿಬೆಲೆ ಮಾದರಿಯಾಗಿದೆ ಎಂದು ಗ್ರಾಮಸ್ಥರು ಹೆಮ್ಮೆ ವ್ಯಕ್ತಪಡಿಸಿದರು. ಕನ್ನಡ ಭಾಷೆ ನಮ್ಮೆಲ್ಲರ ಹೃದಯದ ಭಾಷೆ ಎಂದು ಮುಖಂಡರು ಹೇಳಿದರು. ಮಕ್ಕಳಿಗೆ ಕನ್ನಡ ಪುಸ್ತಕಗಳನ್ನು ವಿತರಿಸಲಾಯಿತು. ಸಾಂಸ್ಕೃತಿಕ ಕಾರ್ಯಕ್ರಮಗಳು ನಡೆದವು. ಯುವಕರು ಕನ್ನಡ ಧ್ವಜದೊಂದಿಗೆ ಬೈಕ್ ರ್ಯಾಲಿ ನಡೆಸಿದರು. ಗ್ರಾಮದ ಪ್ರಮುಖ ಬೀದಿಗಳಲ್ಲಿ ಮೆರವಣಿಗೆ ಸಾಗಿತು. ಕನ್ನಡಾಂಬೆಯ ವೇಷಭೂಷಣ ತೊಟ್ಟ ಮಕ್ಕಳು ಆಕರ್ಷಣೆಯ ಕೇಂದ್ರವಾಗಿದ್ದರು. ಎಲ್ಲಾ ಧರ್ಮದವರೂ ಒಟ್ಟಾಗಿ ಸೇರಿ ನಾಡಹಬ್ಬ ಆಚರಿಸಿದ್ದು ವಿಶೇಷವಾಗಿತ್ತು. ಕಾರ್ಯಕ್ರಮದ ಅಂಗವಾಗಿ ಅನ್ನದಾನ ನಡೆಯಿತು. ಸಮುದಾಯದ ಹಿರಿಯರು ಕನ್ನಡ ಶಾಲೆಗಳ ಅಭಿವೃದ್ಧಿಗೆ ನೆರವು ನೀಡುವ ಭರವಸೆ ನೀಡಿದರು.

ದಸಂಸದಿಂದ ಅಂಬೇಡ್ಕರ್ ವಾದ
ಆಟೋ ಘಟಕ ಉದ್ಘಾಟನೆ

ಆನೇಕಲ್, ನ. 03 – ಬಳ್ಳೂರಿನಲ್ಲಿ ಗ್ರಾಮದ ಗೇಟ್ ಬಳಿಯಲ್ಲಿ 70ನೇ ಕನ್ನಡ ರಾಜ್ಯೋತ್ಸವದ ಅಂಗವಾಗಿ ದಸಂಸ ವತಿಯಿಂದ ಅಂಬೇಡ್ಕರ್ ವಾದ ಆಟೋ ಘಟಕವನ್ನು ಉದ್ಘಾಟಿಸಲಾಯಿತು. ಕಾರ್ಯಕ್ರಮದಲ್ಲಿ ದಸಂಸ ಮುಖಂಡರು ಮಾತನಾಡಿ, ಡಾ. ಬಿ.ಆರ್. ಅಂಬೇಡ್ಕರ್ ಅವರ ವಿಚಾರಧಾರೆಗಳನ್ನು ಯುವ ಪೀಳಿಗೆಗೆ ತಲುಪಿಸುವ ಉದ್ದೇಶದಿಂದ ಈ ಘಟಕ ಆರಂಭಿಸಲಾಗಿದೆ ಎಂದರು. ಆಟೋ ಚಾಲಕರಿಗೆ ಸುರಕ್ಷತಾ ನಿಯಮಗಳ ಬಗ್ಗೆ ಅರಿವು ಮೂಡಿಸಲಾಯಿತು. ಘಟಕದ ಸದಸ್ಯರಿಗೆ ಗುರುತಿನ ಚೀಟಿ ವಿತರಿಸಲಾಯಿತು. ಗ್ರಾಮದ ಮುಖಂಡರು, ಯುವಕರು ಹಾಗೂ ಆಟೋ ಚಾಲಕರು ಹೆಚ್ಚಿನ ಸಂಖ್ಯೆಯಲ್ಲಿ ಭಾಗವಹಿಸಿದ್ದರು. ಸಮಾಜದ ಏಳಿಗೆಗೆ ಸಂಘಟನೆ ಅಗತ್ಯ ಎಂದು ಹಿರಿಯ ಮುಖಂಡರು ಕರೆ ನೀಡಿದರು. ನೀಲಿ ಬಾವುಟ ಹಾರಿಸಿ ಘಟಕಕ್ಕೆ ಚಾಲನೆ ನೀಡಲಾಯಿತು. ಸಿಹಿ ಹಂಚಿ ಸಂಭ್ರಮಿಸಲಾಯಿತು.
